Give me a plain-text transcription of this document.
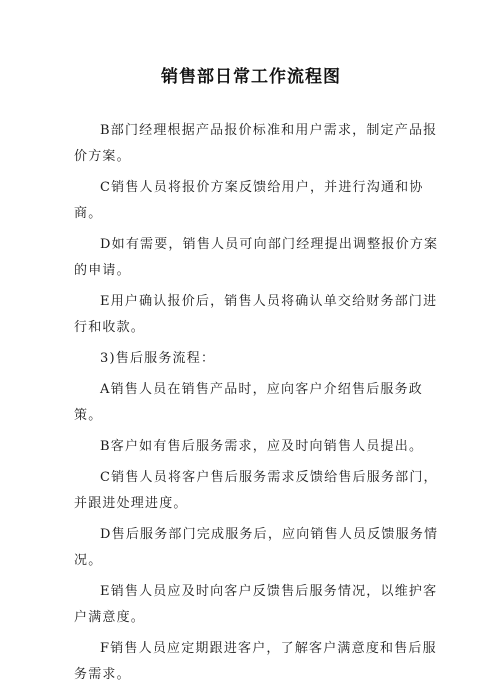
销售部日常工作流程图

B部门经理根据产品报价标准和用户需求，制定产品报价方案。

C销售人员将报价方案反馈给用户，并进行沟通和协商。

D如有需要，销售人员可向部门经理提出调整报价方案的申请。

E用户确认报价后，销售人员将确认单交给财务部门进行和收款。

3)售后服务流程：

A销售人员在销售产品时，应向客户介绍售后服务政策。

B客户如有售后服务需求，应及时向销售人员提出。

C销售人员将客户售后服务需求反馈给售后服务部门，并跟进处理进度。

D售后服务部门完成服务后，应向销售人员反馈服务情况。

E销售人员应及时向客户反馈售后服务情况，以维护客户满意度。

F销售人员应定期跟进客户，了解客户满意度和售后服务需求。
